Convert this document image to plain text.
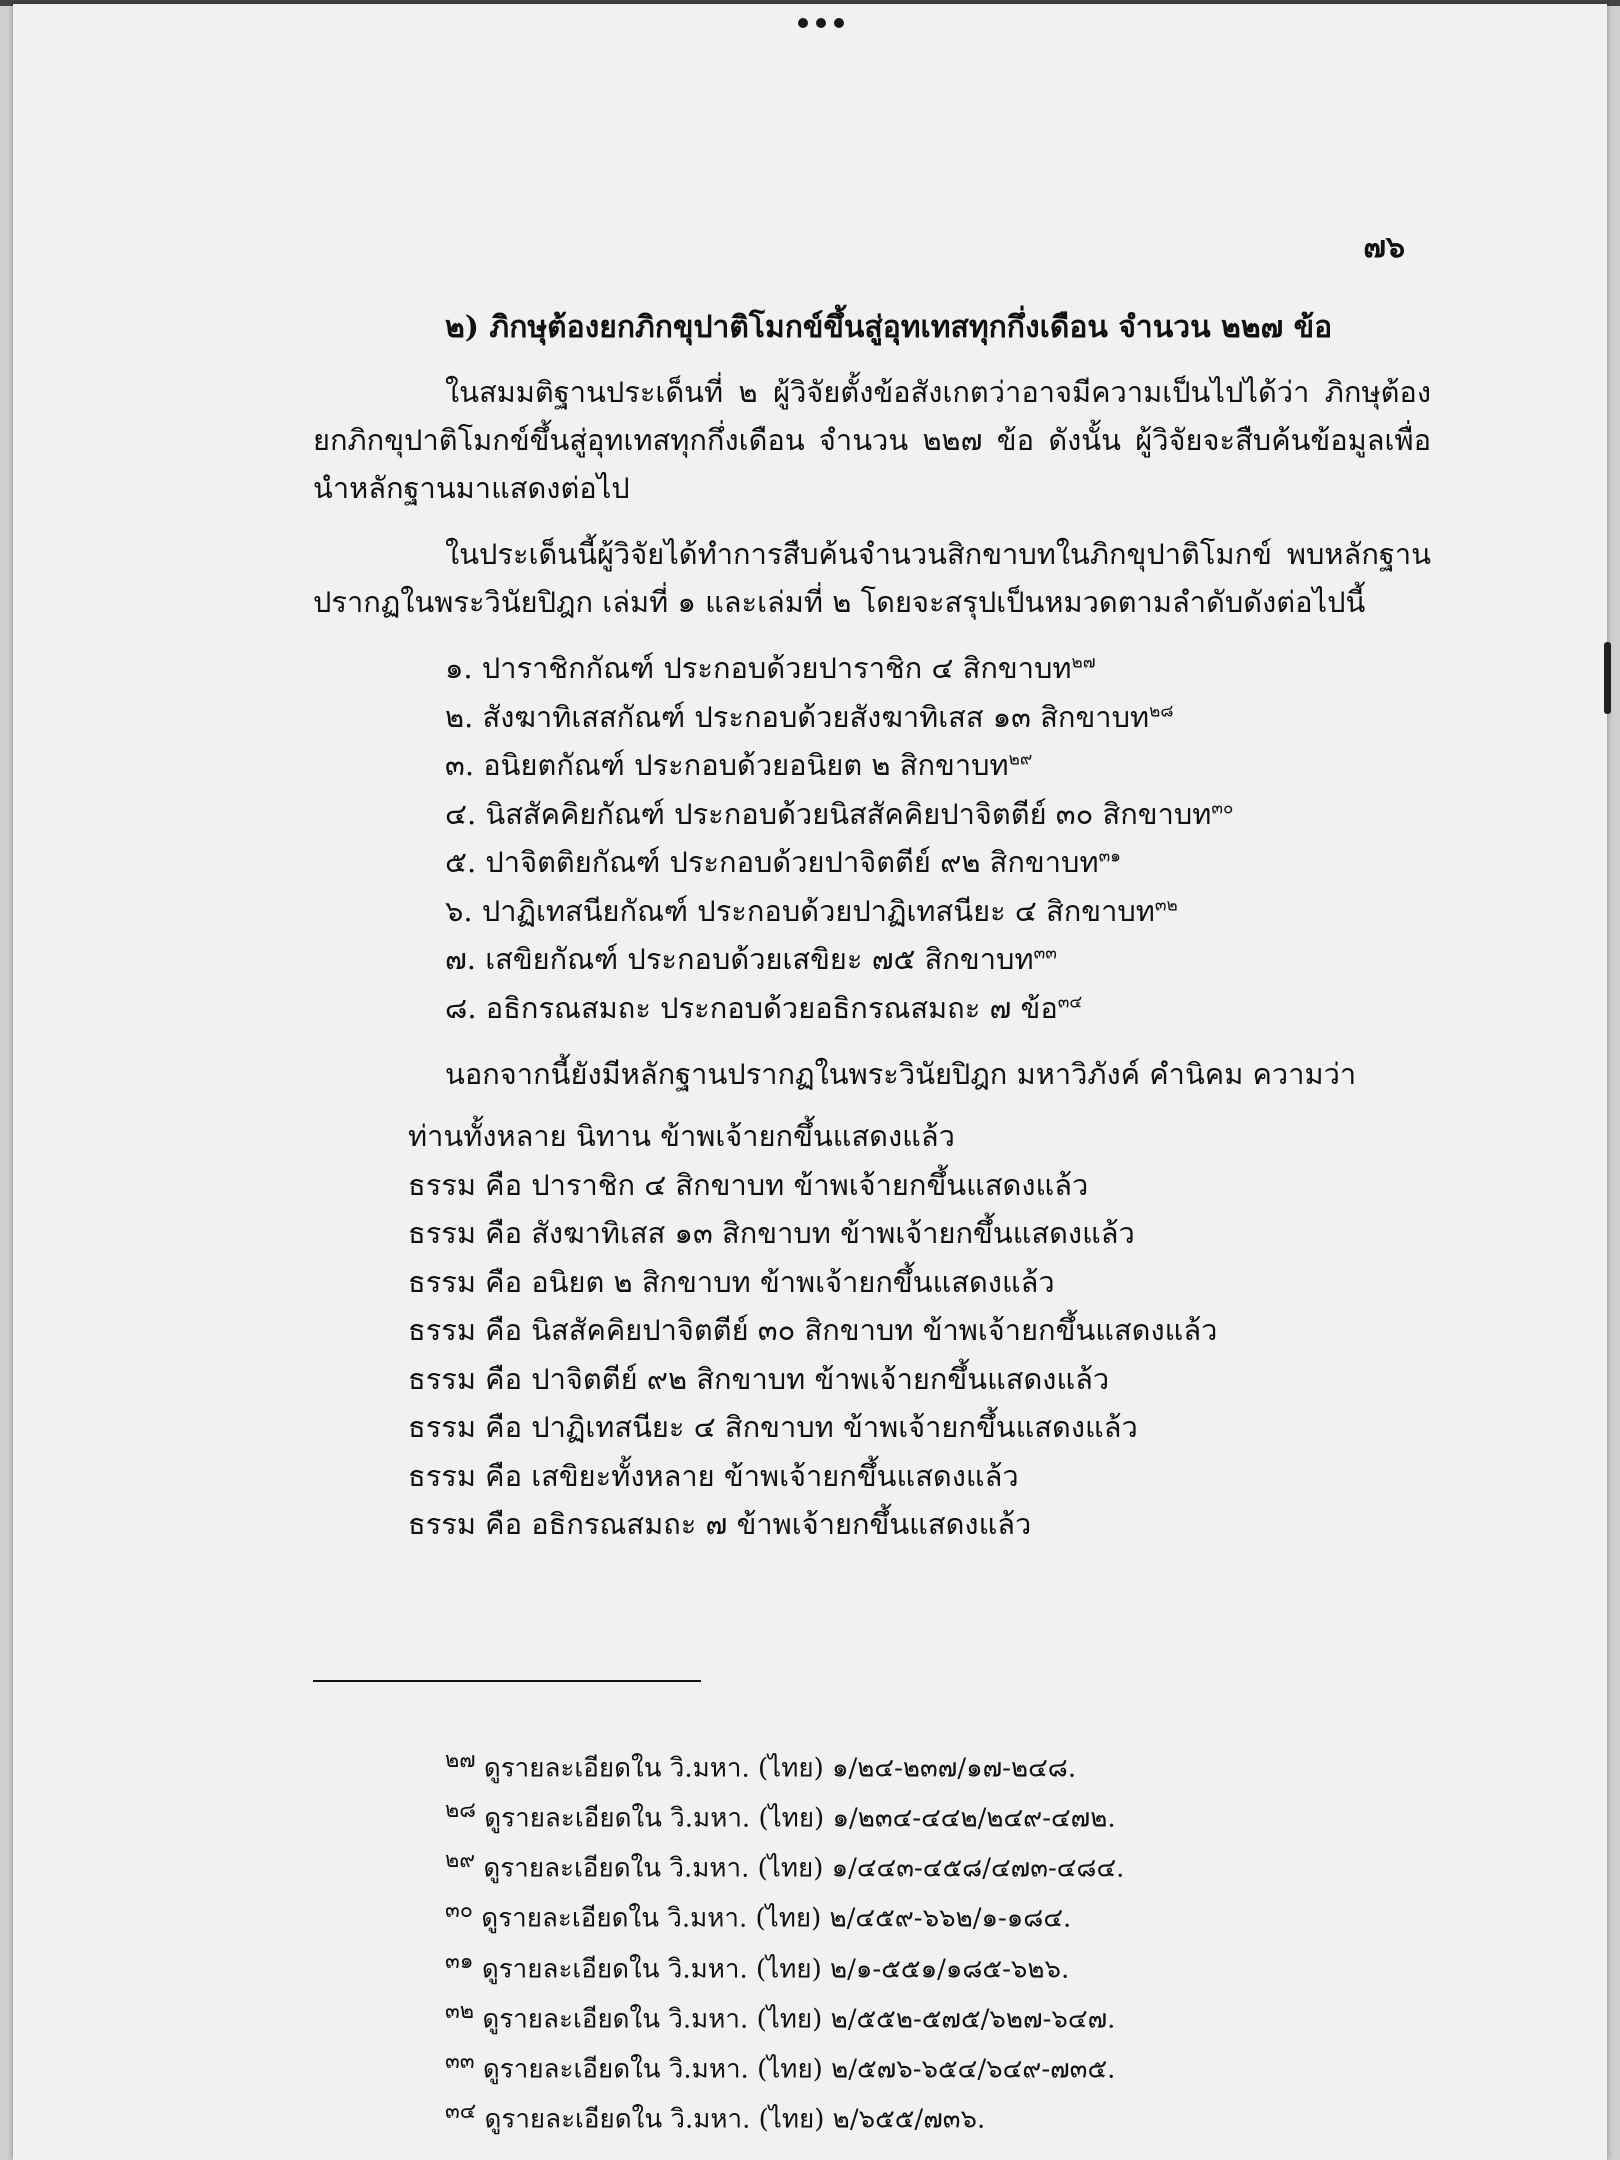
๗๖
๒) ภิกษุต้องยกภิกขุปาติโมกข์ขึ้นสู่อุทเทสทุกกึ่งเดือน จำนวน ๒๒๗ ข้อ

ในสมมติฐานประเด็นที่ ๒ ผู้วิจัยตั้งข้อสังเกตว่าอาจมีความเป็นไปได้ว่า ภิกษุต้องยกภิกขุปาติโมกข์ขึ้นสู่อุทเทสทุกกึ่งเดือน จำนวน ๒๒๗ ข้อ ดังนั้น ผู้วิจัยจะสืบค้นข้อมูลเพื่อนำหลักฐานมาแสดงต่อไป

ในประเด็นนี้ผู้วิจัยได้ทำการสืบค้นจำนวนสิกขาบทในภิกขุปาติโมกข์ พบหลักฐานปรากฏในพระวินัยปิฎก เล่มที่ ๑ และเล่มที่ ๒ โดยจะสรุปเป็นหมวดตามลำดับดังต่อไปนี้

๑. ปาราชิกกัณฑ์ ประกอบด้วยปาราชิก ๔ สิกขาบท$^{๒๗}$
๒. สังฆาทิเสสกัณฑ์ ประกอบด้วยสังฆาทิเสส ๑๓ สิกขาบท$^{๒๘}$
๓. อนิยตกัณฑ์ ประกอบด้วยอนิยต ๒ สิกขาบท$^{๒๙}$
๔. นิสสัคคิยกัณฑ์ ประกอบด้วยนิสสัคคิยปาจิตตีย์ ๓๐ สิกขาบท$^{๓๐}$
๕. ปาจิตติยกัณฑ์ ประกอบด้วยปาจิตตีย์ ๙๒ สิกขาบท$^{๓๑}$
๖. ปาฏิเทสนียกัณฑ์ ประกอบด้วยปาฏิเทสนียะ ๔ สิกขาบท$^{๓๒}$
๗. เสขิยกัณฑ์ ประกอบด้วยเสขิยะ ๗๕ สิกขาบท$^{๓๓}$
๘. อธิกรณสมถะ ประกอบด้วยอธิกรณสมถะ ๗ ข้อ$^{๓๔}$
นอกจากนี้ยังมีหลักฐานปรากฏในพระวินัยปิฎก มหาวิภังค์ คำนิคม ความว่า
ท่านทั้งหลาย นิทาน ข้าพเจ้ายกขึ้นแสดงแล้ว
ธรรม คือ ปาราชิก ๔ สิกขาบท ข้าพเจ้ายกขึ้นแสดงแล้ว
ธรรม คือ สังฆาทิเสส ๑๓ สิกขาบท ข้าพเจ้ายกขึ้นแสดงแล้ว
ธรรม คือ อนิยต ๒ สิกขาบท ข้าพเจ้ายกขึ้นแสดงแล้ว
ธรรม คือ นิสสัคคิยปาจิตตีย์ ๓๐ สิกขาบท ข้าพเจ้ายกขึ้นแสดงแล้ว
ธรรม คือ ปาจิตตีย์ ๙๒ สิกขาบท ข้าพเจ้ายกขึ้นแสดงแล้ว
ธรรม คือ ปาฏิเทสนียะ ๔ สิกขาบท ข้าพเจ้ายกขึ้นแสดงแล้ว
ธรรม คือ เสขิยะทั้งหลาย ข้าพเจ้ายกขึ้นแสดงแล้ว
ธรรม คือ อธิกรณสมถะ ๗ ข้าพเจ้ายกขึ้นแสดงแล้ว
$^{๒๗}$ ดูรายละเอียดใน วิ.มหา. (ไทย) ๑/๒๔-๒๓๗/๑๗-๒๔๘.
$^{๒๘}$ ดูรายละเอียดใน วิ.มหา. (ไทย) ๑/๒๓๔-๔๔๒/๒๔๙-๔๗๒.
$^{๒๙}$ ดูรายละเอียดใน วิ.มหา. (ไทย) ๑/๔๔๓-๔๕๘/๔๗๓-๔๘๔.
$^{๓๐}$ ดูรายละเอียดใน วิ.มหา. (ไทย) ๒/๔๕๙-๖๖๒/๑-๑๘๔.
$^{๓๑}$ ดูรายละเอียดใน วิ.มหา. (ไทย) ๒/๑-๕๕๑/๑๘๕-๖๒๖.
$^{๓๒}$ ดูรายละเอียดใน วิ.มหา. (ไทย) ๒/๕๕๒-๕๗๕/๖๒๗-๖๔๗.
$^{๓๓}$ ดูรายละเอียดใน วิ.มหา. (ไทย) ๒/๕๗๖-๖๕๔/๖๔๙-๗๓๕.
$^{๓๔}$ ดูรายละเอียดใน วิ.มหา. (ไทย) ๒/๖๕๕/๗๓๖.
